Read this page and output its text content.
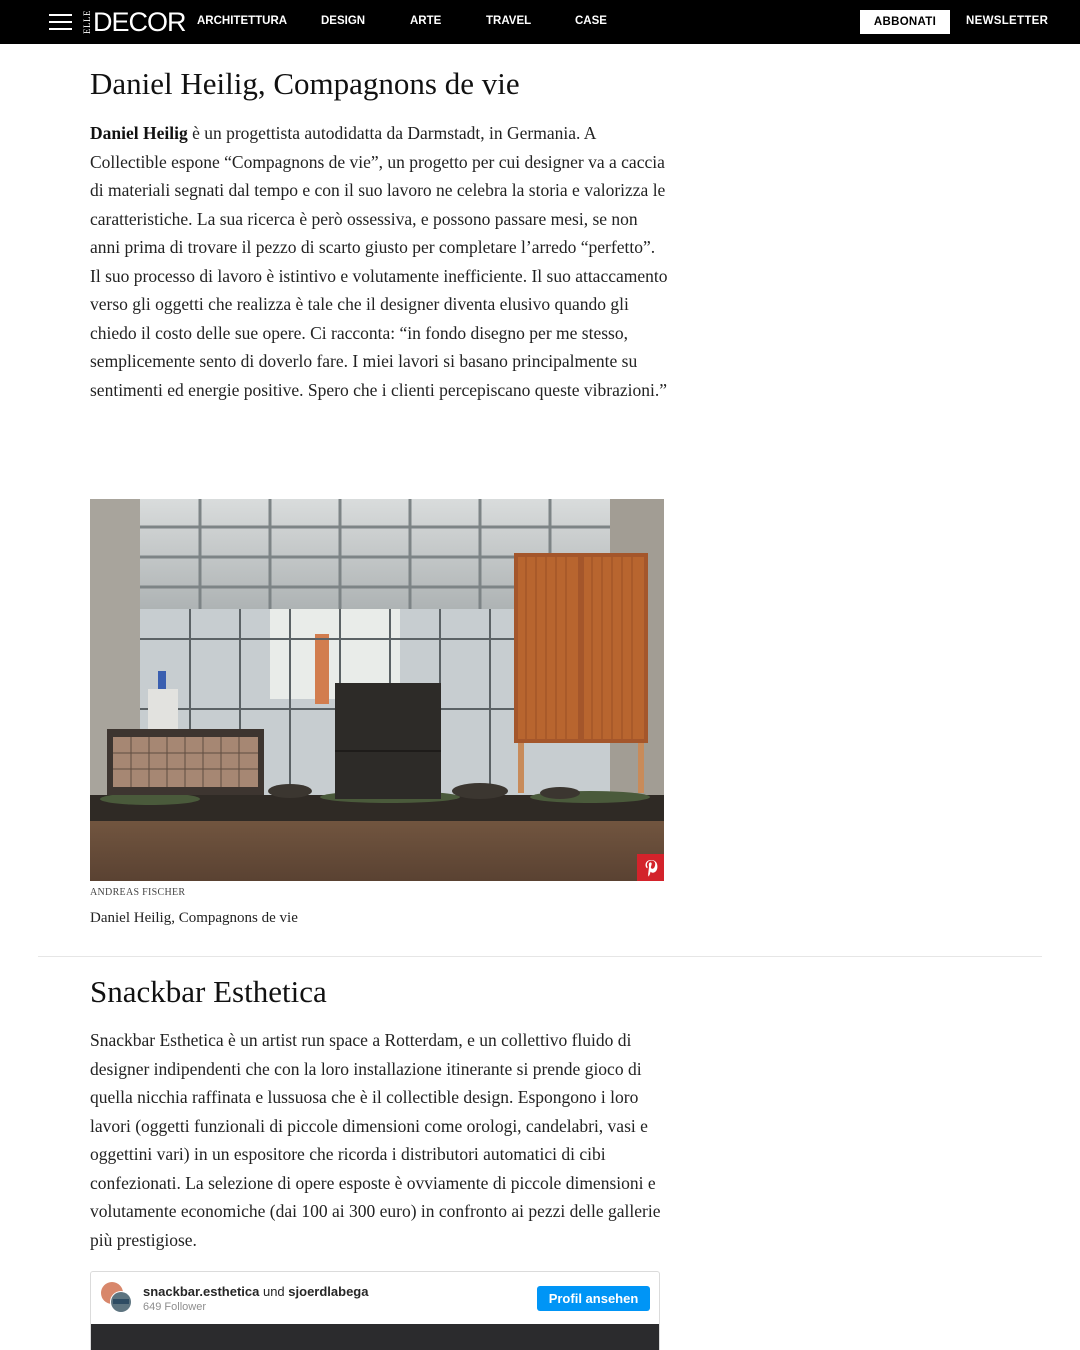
ELLE DECOR ARCHITETTURA	DESIGN	ARTE	TRAVEL	CASE	ABBONATI	NEWSLETTER
Daniel Heilig, Compagnons de vie

Daniel Heilig è un progettista autodidatta da Darmstadt, in Germania. A Collectible espone “Compagnons de vie”, un progetto per cui designer va a caccia di materiali segnati dal tempo e con il suo lavoro ne celebra la storia e valorizza le caratteristiche. La sua ricerca è però ossessiva, e possono passare mesi, se non anni prima di trovare il pezzo di scarto giusto per completare l’arredo “perfetto”. Il suo processo di lavoro è istintivo e volutamente inefficiente. Il suo attaccamento verso gli oggetti che realizza è tale che il designer diventa elusivo quando gli chiedo il costo delle sue opere. Ci racconta: “in fondo disegno per me stesso, semplicemente sento di doverlo fare. I miei lavori si basano principalmente su sentimenti ed energie positive. Spero che i clienti percepiscano queste vibrazioni.”

ANDREAS FISCHER
Daniel Heilig, Compagnons de vie
Snackbar Esthetica

Snackbar Esthetica è un artist run space a Rotterdam, e un collettivo fluido di designer indipendenti che con la loro installazione itinerante si prende gioco di quella nicchia raffinata e lussuosa che è il collectible design. Espongono i loro lavori (oggetti funzionali di piccole dimensioni come orologi, candelabri, vasi e oggettini vari) in un espositore che ricorda i distributori automatici di cibi confezionati. La selezione di opere esposte è ovviamente di piccole dimensioni e volutamente economiche (dai 100 ai 300 euro) in confronto ai pezzi delle gallerie più prestigiose.

snackbar.esthetica und sjoerdlabega
649 Follower
Profil ansehen
